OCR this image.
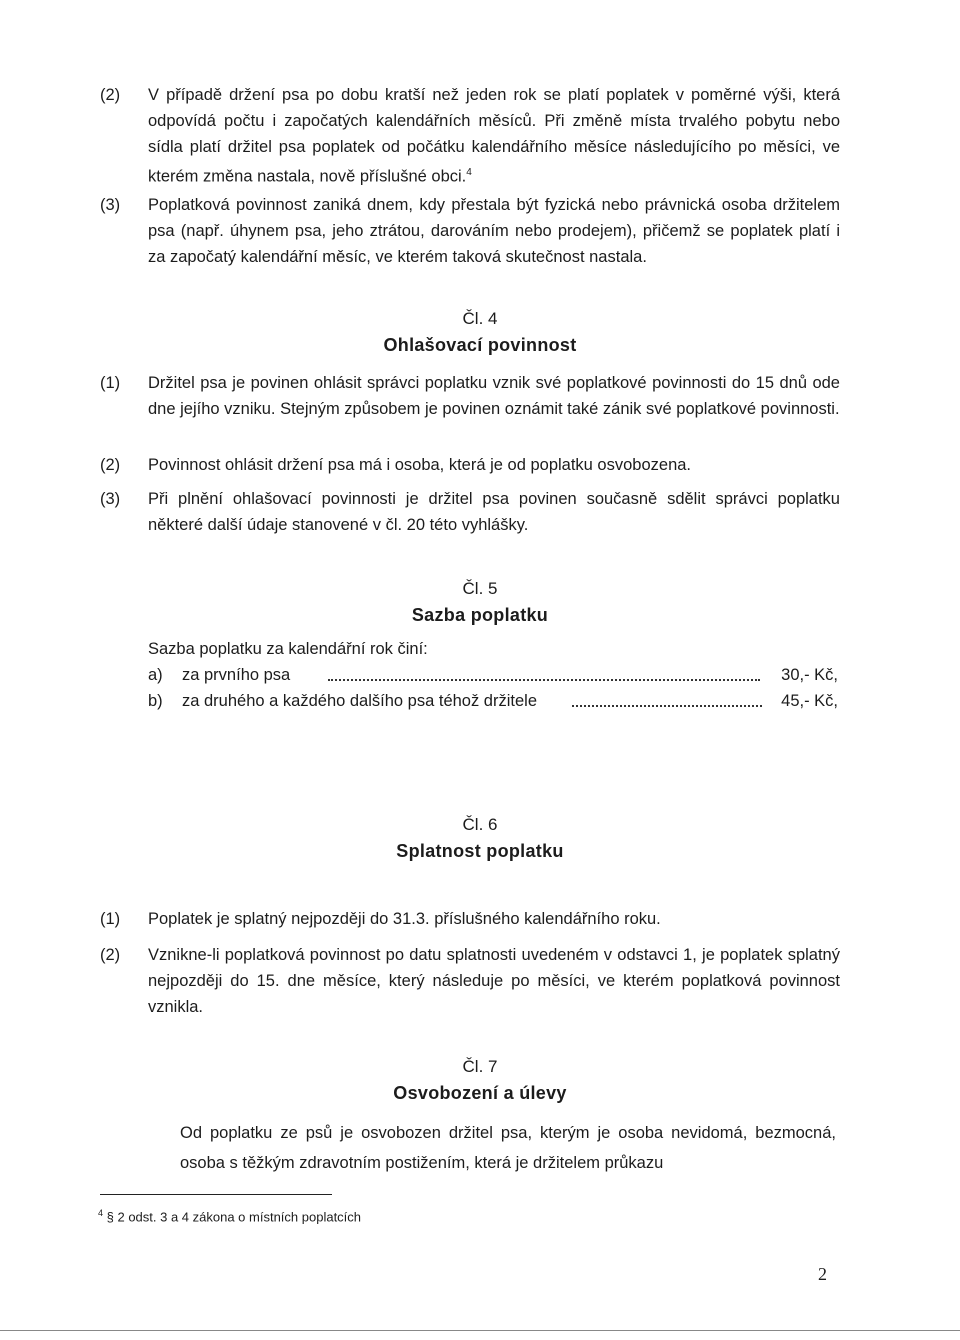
(2) V případě držení psa po dobu kratší než jeden rok se platí poplatek v poměrné výši, která odpovídá počtu i započatých kalendářních měsíců. Při změně místa trvalého pobytu nebo sídla platí držitel psa poplatek od počátku kalendářního měsíce následujícího po měsíci, ve kterém změna nastala, nově příslušné obci.$^4$
(3) Poplatková povinnost zaniká dnem, kdy přestala být fyzická nebo právnická osoba držitelem psa (např. úhynem psa, jeho ztrátou, darováním nebo prodejem), přičemž se poplatek platí i za započatý kalendářní měsíc, ve kterém taková skutečnost nastala.
Čl. 4
Ohlašovací povinnost
(1) Držitel psa je povinen ohlásit správci poplatku vznik své poplatkové povinnosti do 15 dnů ode dne jejího vzniku. Stejným způsobem je povinen oznámit také zánik své poplatkové povinnosti.
(2) Povinnost ohlásit držení psa má i osoba, která je od poplatku osvobozena.
(3) Při plnění ohlašovací povinnosti je držitel psa povinen současně sdělit správci poplatku některé další údaje stanovené v čl. 20 této vyhlášky.
Čl. 5
Sazba poplatku
Sazba poplatku za kalendářní rok činí:
a) za prvního psa	30,- Kč,
b) za druhého a každého dalšího psa téhož držitele	45,- Kč,
Čl. 6
Splatnost poplatku
(1) Poplatek je splatný nejpozději do 31.3. příslušného kalendářního roku.
(2) Vznikne-li poplatková povinnost po datu splatnosti uvedeném v odstavci 1, je poplatek splatný nejpozději do 15. dne měsíce, který následuje po měsíci, ve kterém poplatková povinnost vznikla.
Čl. 7
Osvobození a úlevy
Od poplatku ze psů je osvobozen držitel psa, kterým je osoba nevidomá, bezmocná, osoba s těžkým zdravotním postižením, která je držitelem průkazu
$^4$ § 2 odst. 3 a 4 zákona o místních poplatcích
2
